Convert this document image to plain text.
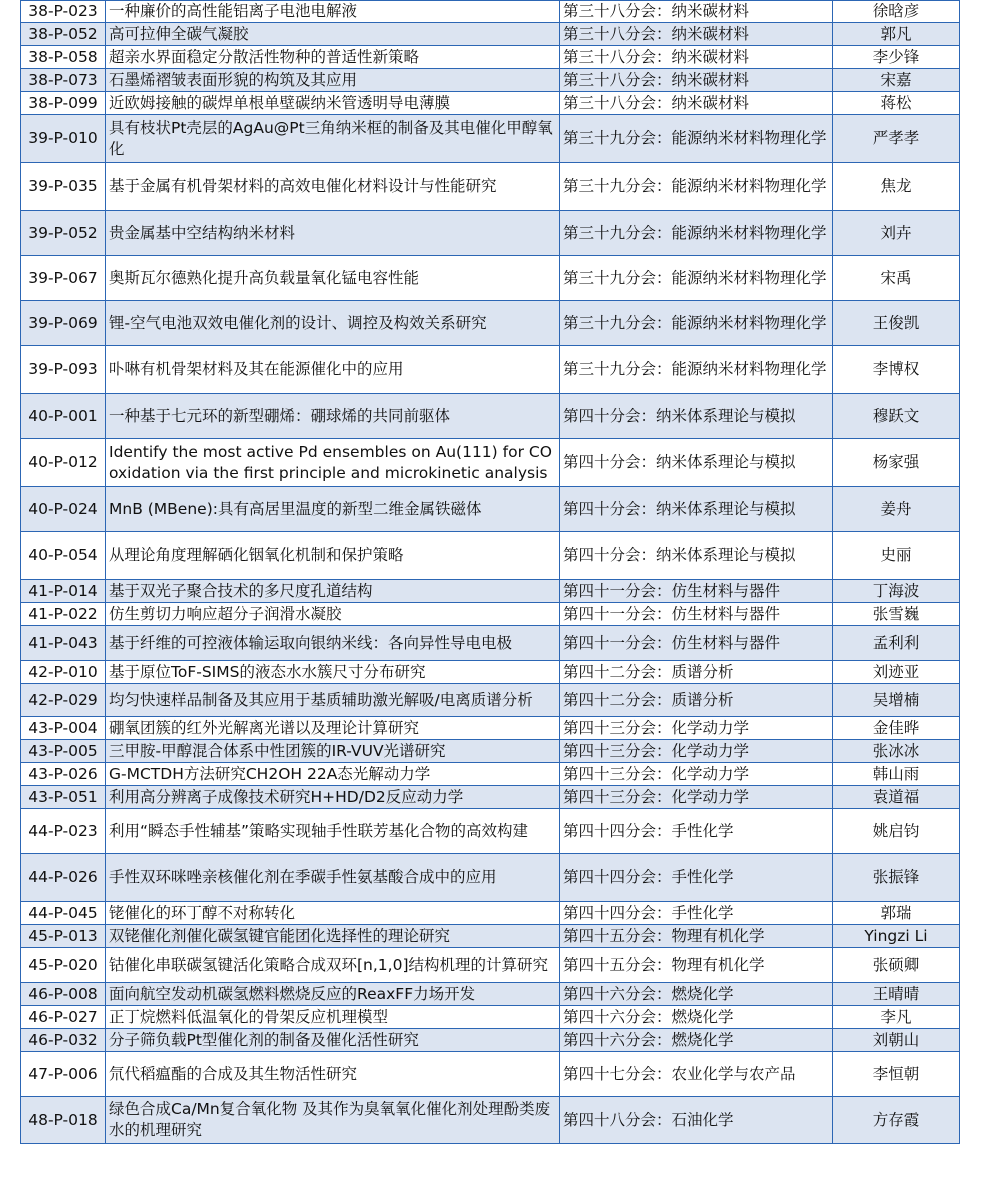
38-P-023	一种廉价的高性能铝离子电池电解液	第三十八分会：纳米碳材料	徐晗彦
38-P-052	高可拉伸全碳气凝胶	第三十八分会：纳米碳材料	郭凡
38-P-058	超亲水界面稳定分散活性物种的普适性新策略	第三十八分会：纳米碳材料	李少锋
38-P-073	石墨烯褶皱表面形貌的构筑及其应用	第三十八分会：纳米碳材料	宋嘉
38-P-099	近欧姆接触的碳焊单根单壁碳纳米管透明导电薄膜	第三十八分会：纳米碳材料	蒋松
39-P-010	具有枝状Pt壳层的AgAu@Pt三角纳米框的制备及其电催化甲醇氧化	第三十九分会：能源纳米材料物理化学	严孝孝
39-P-035	基于金属有机骨架材料的高效电催化材料设计与性能研究	第三十九分会：能源纳米材料物理化学	焦龙
39-P-052	贵金属基中空结构纳米材料	第三十九分会：能源纳米材料物理化学	刘卉
39-P-067	奥斯瓦尔德熟化提升高负载量氧化锰电容性能	第三十九分会：能源纳米材料物理化学	宋禹
39-P-069	锂-空气电池双效电催化剂的设计、调控及构效关系研究	第三十九分会：能源纳米材料物理化学	王俊凯
39-P-093	卟啉有机骨架材料及其在能源催化中的应用	第三十九分会：能源纳米材料物理化学	李博权
40-P-001	一种基于七元环的新型硼烯：硼球烯的共同前驱体	第四十分会：纳米体系理论与模拟	穆跃文
40-P-012	Identify the most active Pd ensembles on Au(111) for CO oxidation via the first principle and microkinetic analysis	第四十分会：纳米体系理论与模拟	杨家强
40-P-024	MnB (MBene):具有高居里温度的新型二维金属铁磁体	第四十分会：纳米体系理论与模拟	姜舟
40-P-054	从理论角度理解硒化铟氧化机制和保护策略	第四十分会：纳米体系理论与模拟	史丽
41-P-014	基于双光子聚合技术的多尺度孔道结构	第四十一分会：仿生材料与器件	丁海波
41-P-022	仿生剪切力响应超分子润滑水凝胶	第四十一分会：仿生材料与器件	张雪巍
41-P-043	基于纤维的可控液体输运取向银纳米线：各向异性导电电极	第四十一分会：仿生材料与器件	孟利利
42-P-010	基于原位ToF-SIMS的液态水水簇尺寸分布研究	第四十二分会：质谱分析	刘迹亚
42-P-029	均匀快速样品制备及其应用于基质辅助激光解吸/电离质谱分析	第四十二分会：质谱分析	吴增楠
43-P-004	硼氧团簇的红外光解离光谱以及理论计算研究	第四十三分会：化学动力学	金佳晔
43-P-005	三甲胺-甲醇混合体系中性团簇的IR-VUV光谱研究	第四十三分会：化学动力学	张冰冰
43-P-026	G-MCTDH方法研究CH2OH 22A态光解动力学	第四十三分会：化学动力学	韩山雨
43-P-051	利用高分辨离子成像技术研究H+HD/D2反应动力学	第四十三分会：化学动力学	袁道福
44-P-023	利用“瞬态手性辅基”策略实现轴手性联芳基化合物的高效构建	第四十四分会：手性化学	姚启钧
44-P-026	手性双环咪唑亲核催化剂在季碳手性氨基酸合成中的应用	第四十四分会：手性化学	张振锋
44-P-045	铑催化的环丁醇不对称转化	第四十四分会：手性化学	郭瑞
45-P-013	双铑催化剂催化碳氢键官能团化选择性的理论研究	第四十五分会：物理有机化学	Yingzi Li
45-P-020	钴催化串联碳氢键活化策略合成双环[n,1,0]结构机理的计算研究	第四十五分会：物理有机化学	张硕卿
46-P-008	面向航空发动机碳氢燃料燃烧反应的ReaxFF力场开发	第四十六分会：燃烧化学	王晴晴
46-P-027	正丁烷燃料低温氧化的骨架反应机理模型	第四十六分会：燃烧化学	李凡
46-P-032	分子筛负载Pt型催化剂的制备及催化活性研究	第四十六分会：燃烧化学	刘朝山
47-P-006	氘代稻瘟酯的合成及其生物活性研究	第四十七分会：农业化学与农产品	李恒朝
48-P-018	绿色合成Ca/Mn复合氧化物 及其作为臭氧氧化催化剂处理酚类废水的机理研究	第四十八分会：石油化学	方存霞
